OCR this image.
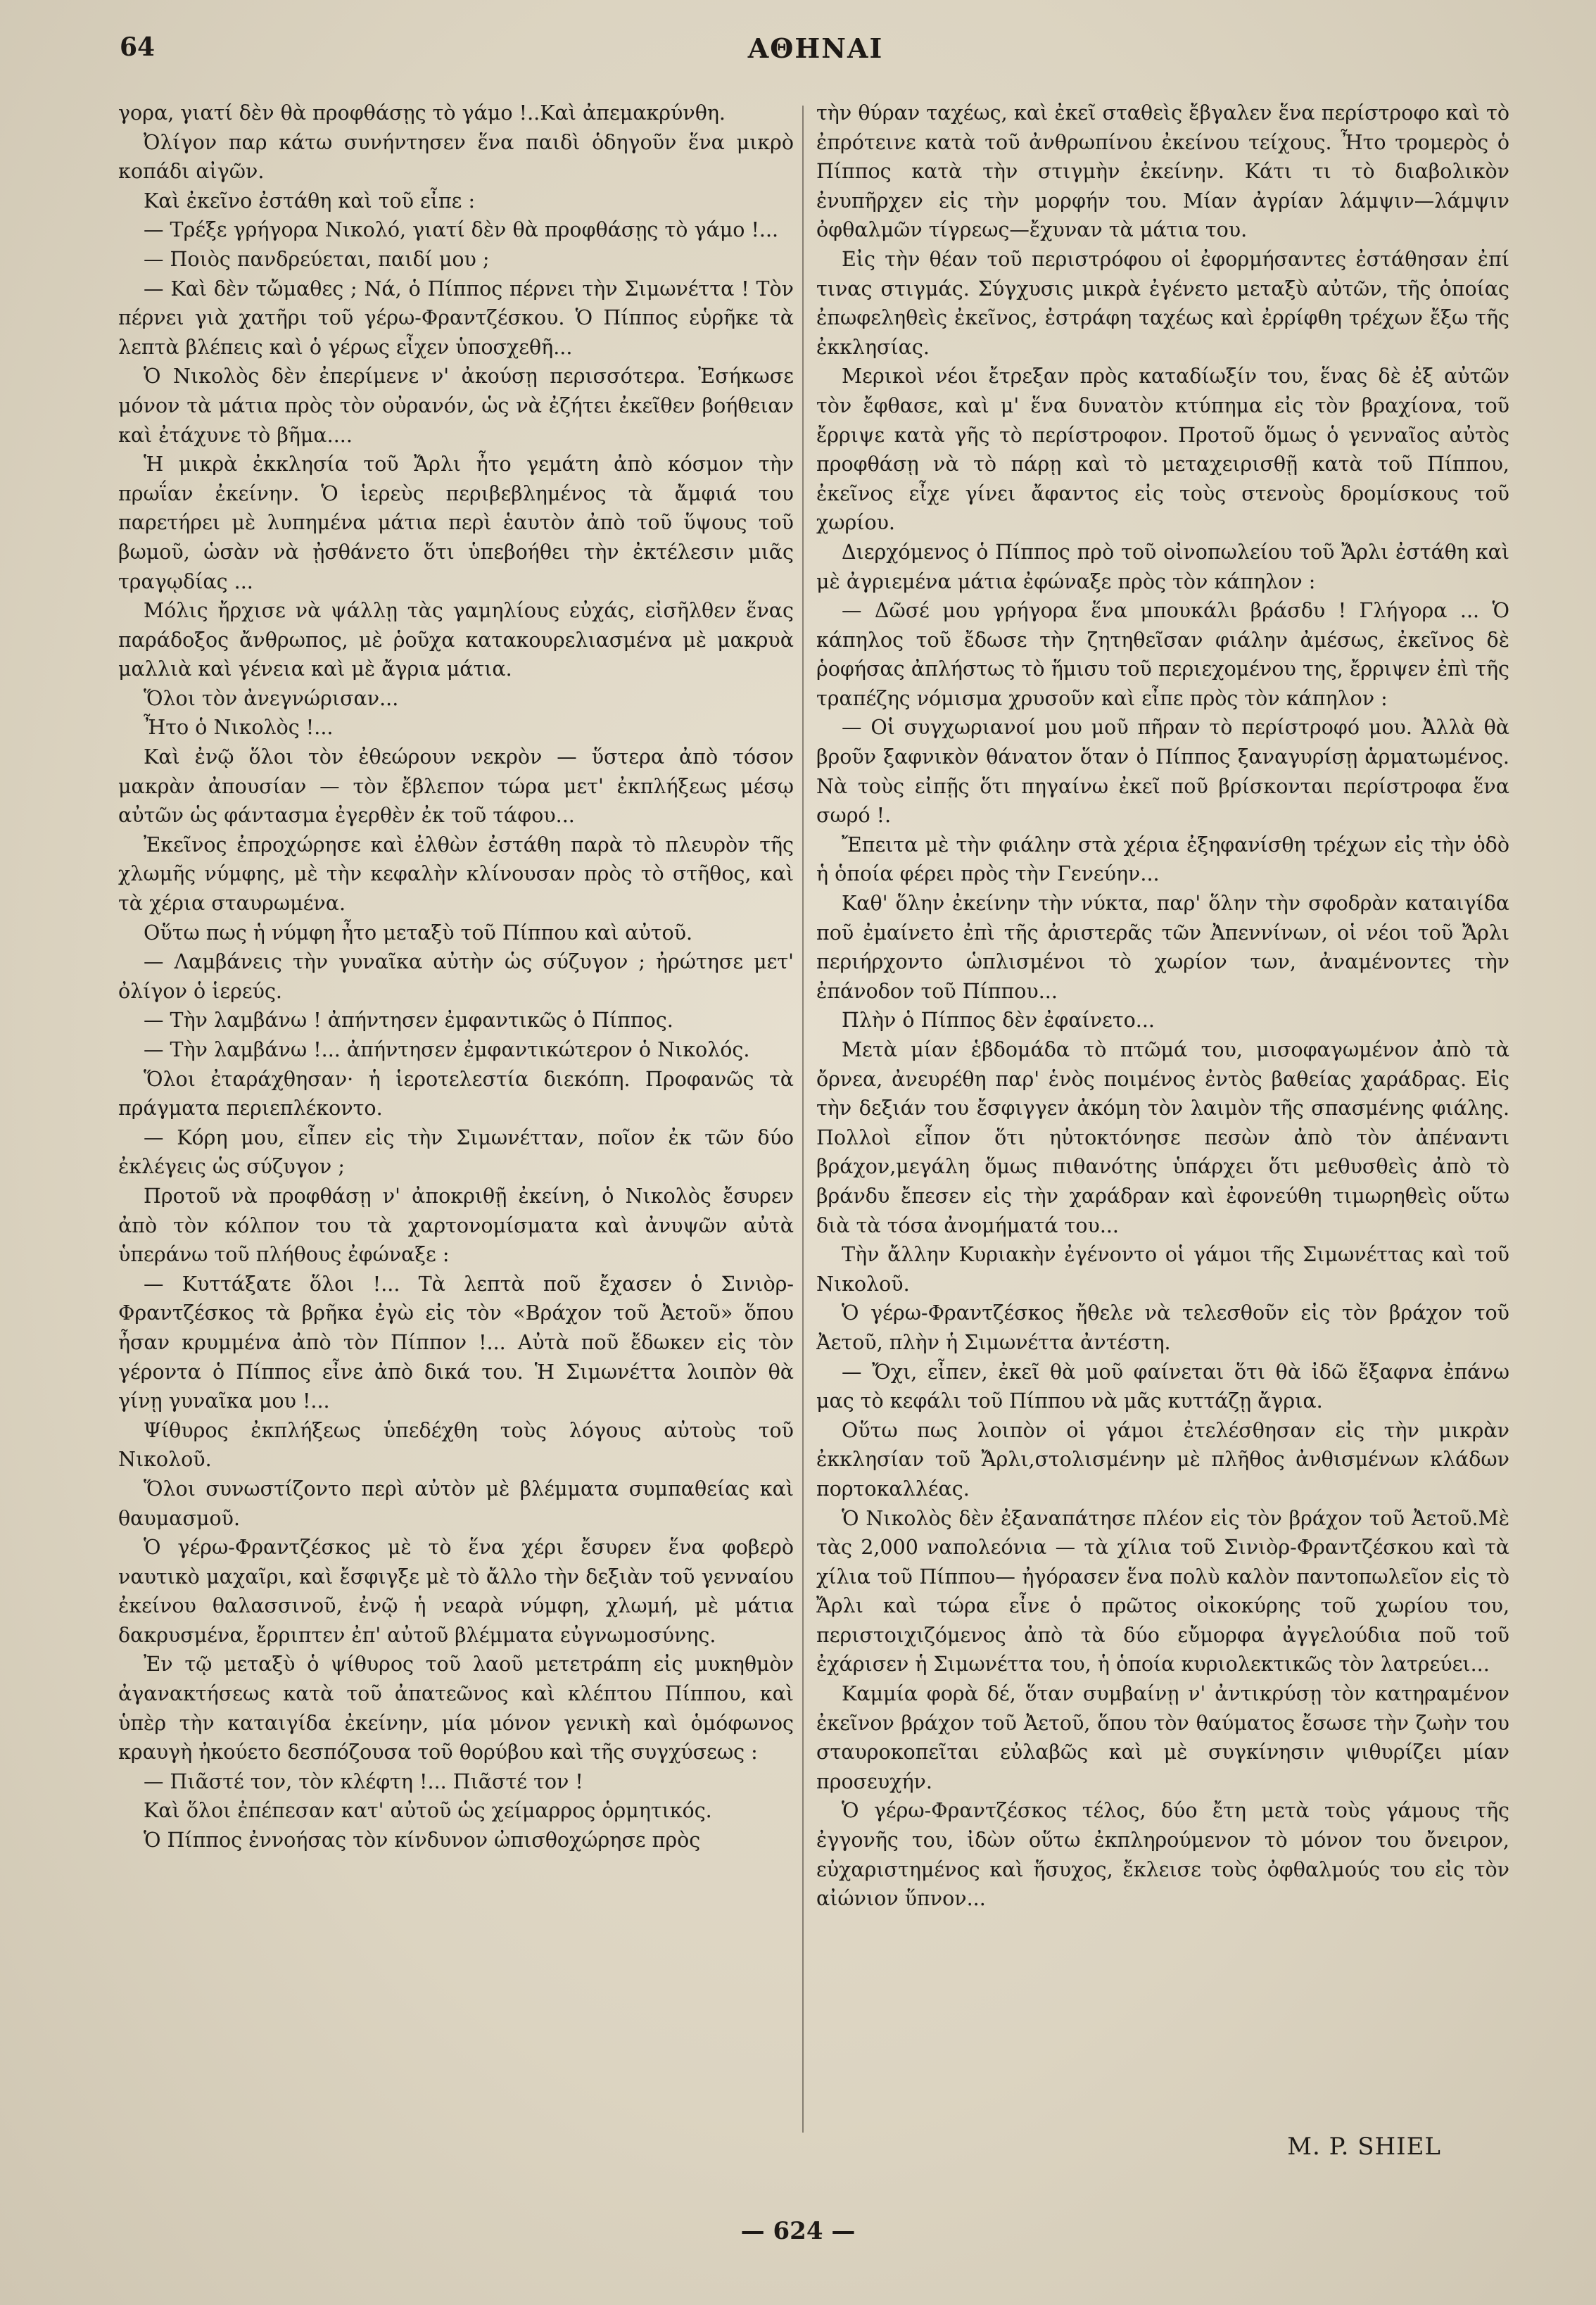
64	ΑΘΗΝΑΙ

γορα, γιατί δὲν θὰ προφθάσῃς τὸ γάμο !..Καὶ ἀπεμακρύνθη.

Ὀλίγον παρ κάτω συνήντησεν ἕνα παιδὶ ὁδηγοῦν ἕνα μικρὸ κοπάδι αἰγῶν.

Καὶ ἐκεῖνο ἐστάθη καὶ τοῦ εἶπε :

— Τρέξε γρήγορα Νικολό, γιατί δὲν θὰ προφθάσῃς τὸ γάμο !...

— Ποιὸς πανδρεύεται, παιδί μου ;

— Καὶ δὲν τὤμαθες ; Νά, ὁ Πίππος πέρνει τὴν Σιμωνέττα ! Τὸν πέρνει γιὰ χατῆρι τοῦ γέρω-Φραντζέσκου. Ὁ Πίππος εὑρῆκε τὰ λεπτὰ βλέπεις καὶ ὁ γέρως εἶχεν ὑποσχεθῆ...

Ὁ Νικολὸς δὲν ἐπερίμενε ν' ἀκούσῃ περισσότερα. Ἐσήκωσε μόνον τὰ μάτια πρὸς τὸν οὐρανόν, ὡς νὰ ἐζήτει ἐκεῖθεν βοήθειαν καὶ ἐτάχυνε τὸ βῆμα....

Ἡ μικρὰ ἐκκλησία τοῦ Ἄρλι ἦτο γεμάτη ἀπὸ κόσμον τὴν πρωΐαν ἐκείνην. Ὁ ἱερεὺς περιβεβλημένος τὰ ἄμφιά του παρετήρει μὲ λυπημένα μάτια περὶ ἑαυτὸν ἀπὸ τοῦ ὕψους τοῦ βωμοῦ, ὡσὰν νὰ ᾐσθάνετο ὅτι ὑπεβοήθει τὴν ἐκτέλεσιν μιᾶς τραγῳδίας ...

Μόλις ἤρχισε νὰ ψάλλῃ τὰς γαμηλίους εὐχάς, εἰσῆλθεν ἕνας παράδοξος ἄνθρωπος, μὲ ῥοῦχα κατακουρελιασμένα μὲ μακρυὰ μαλλιὰ καὶ γένεια καὶ μὲ ἄγρια μάτια.

Ὅλοι τὸν ἀνεγνώρισαν...

Ἦτο ὁ Νικολὸς !...

Καὶ ἐνῷ ὅλοι τὸν ἐθεώρουν νεκρὸν — ὕστερα ἀπὸ τόσον μακρὰν ἀπουσίαν — τὸν ἔβλεπον τώρα μετ' ἐκπλήξεως μέσῳ αὐτῶν ὡς φάντασμα ἐγερθὲν ἐκ τοῦ τάφου...

Ἐκεῖνος ἐπροχώρησε καὶ ἐλθὼν ἐστάθη παρὰ τὸ πλευρὸν τῆς χλωμῆς νύμφης, μὲ τὴν κεφαλὴν κλίνουσαν πρὸς τὸ στῆθος, καὶ τὰ χέρια σταυρωμένα.

Οὕτω πως ἡ νύμφη ἦτο μεταξὺ τοῦ Πίππου καὶ αὐτοῦ.

— Λαμβάνεις τὴν γυναῖκα αὐτὴν ὡς σύζυγον ; ἠρώτησε μετ' ὀλίγον ὁ ἱερεύς.

— Τὴν λαμβάνω ! ἀπήντησεν ἐμφαντικῶς ὁ Πίππος.

— Τὴν λαμβάνω !... ἀπήντησεν ἐμφαντικώτερον ὁ Νικολός.

Ὅλοι ἐταράχθησαν· ἡ ἱεροτελεστία διεκόπη. Προφανῶς τὰ πράγματα περιεπλέκοντο.

— Κόρη μου, εἶπεν εἰς τὴν Σιμωνέτταν, ποῖον ἐκ τῶν δύο ἐκλέγεις ὡς σύζυγον ;

Προτοῦ νὰ προφθάσῃ ν' ἀποκριθῇ ἐκείνη, ὁ Νικολὸς ἔσυρεν ἀπὸ τὸν κόλπον του τὰ χαρτονομίσματα καὶ ἀνυψῶν αὐτὰ ὑπεράνω τοῦ πλήθους ἐφώναξε :

— Κυττάξατε ὅλοι !... Τὰ λεπτὰ ποῦ ἔχασεν ὁ Σινιὸρ-Φραντζέσκος τὰ βρῆκα ἐγὼ εἰς τὸν «Βράχον τοῦ Ἀετοῦ» ὅπου ἦσαν κρυμμένα ἀπὸ τὸν Πίππον !... Αὐτὰ ποῦ ἔδωκεν εἰς τὸν γέροντα ὁ Πίππος εἶνε ἀπὸ δικά του. Ἡ Σιμωνέττα λοιπὸν θὰ γίνῃ γυναῖκα μου !...

Ψίθυρος ἐκπλήξεως ὑπεδέχθη τοὺς λόγους αὐτοὺς τοῦ Νικολοῦ.

Ὅλοι συνωστίζοντο περὶ αὐτὸν μὲ βλέμματα συμπαθείας καὶ θαυμασμοῦ.

Ὁ γέρω-Φραντζέσκος μὲ τὸ ἕνα χέρι ἔσυρεν ἕνα φοβερὸ ναυτικὸ μαχαῖρι, καὶ ἔσφιγξε μὲ τὸ ἄλλο τὴν δεξιὰν τοῦ γενναίου ἐκείνου θαλασσινοῦ, ἐνῷ ἡ νεαρὰ νύμφη, χλωμή, μὲ μάτια δακρυσμένα, ἔρριπτεν ἐπ' αὐτοῦ βλέμματα εὐγνωμοσύνης.

Ἐν τῷ μεταξὺ ὁ ψίθυρος τοῦ λαοῦ μετετράπη εἰς μυκηθμὸν ἀγανακτήσεως κατὰ τοῦ ἀπατεῶνος καὶ κλέπτου Πίππου, καὶ ὑπὲρ τὴν καταιγίδα ἐκείνην, μία μόνον γενικὴ καὶ ὁμόφωνος κραυγὴ ἠκούετο δεσπόζουσα τοῦ θορύβου καὶ τῆς συγχύσεως :

— Πιᾶστέ τον, τὸν κλέφτη !... Πιᾶστέ τον !

Καὶ ὅλοι ἐπέπεσαν κατ' αὐτοῦ ὡς χείμαρρος ὁρμητικός.

Ὁ Πίππος ἐννοήσας τὸν κίνδυνον ὠπισθοχώρησε πρὸς

τὴν θύραν ταχέως, καὶ ἐκεῖ σταθεὶς ἔβγαλεν ἕνα περίστροφο καὶ τὸ ἐπρότεινε κατὰ τοῦ ἀνθρωπίνου ἐκείνου τείχους. Ἦτο τρομερὸς ὁ Πίππος κατὰ τὴν στιγμὴν ἐκείνην. Κάτι τι τὸ διαβολικὸν ἐνυπῆρχεν εἰς τὴν μορφήν του. Μίαν ἀγρίαν λάμψιν—λάμψιν ὀφθαλμῶν τίγρεως—ἔχυναν τὰ μάτια του.

Εἰς τὴν θέαν τοῦ περιστρόφου οἱ ἐφορμήσαντες ἐστάθησαν ἐπί τινας στιγμάς. Σύγχυσις μικρὰ ἐγένετο μεταξὺ αὐτῶν, τῆς ὁποίας ἐπωφεληθεὶς ἐκεῖνος, ἐστράφη ταχέως καὶ ἐρρίφθη τρέχων ἔξω τῆς ἐκκλησίας.

Μερικοὶ νέοι ἔτρεξαν πρὸς καταδίωξίν του, ἕνας δὲ ἐξ αὐτῶν τὸν ἔφθασε, καὶ μ' ἕνα δυνατὸν κτύπημα εἰς τὸν βραχίονα, τοῦ ἔρριψε κατὰ γῆς τὸ περίστροφον. Προτοῦ ὅμως ὁ γενναῖος αὐτὸς προφθάσῃ νὰ τὸ πάρῃ καὶ τὸ μεταχειρισθῇ κατὰ τοῦ Πίππου, ἐκεῖνος εἶχε γίνει ἄφαντος εἰς τοὺς στενοὺς δρομίσκους τοῦ χωρίου.

Διερχόμενος ὁ Πίππος πρὸ τοῦ οἰνοπωλείου τοῦ Ἄρλι ἐστάθη καὶ μὲ ἀγριεμένα μάτια ἐφώναξε πρὸς τὸν κάπηλον :

— Δῶσέ μου γρήγορα ἕνα μπουκάλι βράσδυ ! Γλήγορα ... Ὁ κάπηλος τοῦ ἔδωσε τὴν ζητηθεῖσαν φιάλην ἀμέσως, ἐκεῖνος δὲ ῥοφήσας ἀπλήστως τὸ ἥμισυ τοῦ περιεχομένου της, ἔρριψεν ἐπὶ τῆς τραπέζης νόμισμα χρυσοῦν καὶ εἶπε πρὸς τὸν κάπηλον :

— Οἱ συγχωριανοί μου μοῦ πῆραν τὸ περίστροφό μου. Ἀλλὰ θὰ βροῦν ξαφνικὸν θάνατον ὅταν ὁ Πίππος ξαναγυρίσῃ ἁρματωμένος. Νὰ τοὺς εἰπῇς ὅτι πηγαίνω ἐκεῖ ποῦ βρίσκονται περίστροφα ἕνα σωρό !.

Ἔπειτα μὲ τὴν φιάλην στὰ χέρια ἐξηφανίσθη τρέχων εἰς τὴν ὁδὸ ἡ ὁποία φέρει πρὸς τὴν Γενεύην...

Καθ' ὅλην ἐκείνην τὴν νύκτα, παρ' ὅλην τὴν σφοδρὰν καταιγίδα ποῦ ἐμαίνετο ἐπὶ τῆς ἀριστερᾶς τῶν Ἀπεννίνων, οἱ νέοι τοῦ Ἄρλι περιήρχοντο ὡπλισμένοι τὸ χωρίον των, ἀναμένοντες τὴν ἐπάνοδον τοῦ Πίππου...

Πλὴν ὁ Πίππος δὲν ἐφαίνετο...

Μετὰ μίαν ἑβδομάδα τὸ πτῶμά του, μισοφαγωμένον ἀπὸ τὰ ὄρνεα, ἀνευρέθη παρ' ἑνὸς ποιμένος ἐντὸς βαθείας χαράδρας. Εἰς τὴν δεξιάν του ἔσφιγγεν ἀκόμη τὸν λαιμὸν τῆς σπασμένης φιάλης. Πολλοὶ εἶπον ὅτι ηὐτοκτόνησε πεσὼν ἀπὸ τὸν ἀπέναντι βράχον,μεγάλη ὅμως πιθανότης ὑπάρχει ὅτι μεθυσθεὶς ἀπὸ τὸ βράνδυ ἔπεσεν εἰς τὴν χαράδραν καὶ ἐφονεύθη τιμωρηθεὶς οὕτω διὰ τὰ τόσα ἀνομήματά του...

Τὴν ἄλλην Κυριακὴν ἐγένοντο οἱ γάμοι τῆς Σιμωνέττας καὶ τοῦ Νικολοῦ.

Ὁ γέρω-Φραντζέσκος ἤθελε νὰ τελεσθοῦν εἰς τὸν βράχον τοῦ Ἀετοῦ, πλὴν ἡ Σιμωνέττα ἀντέστη.

— Ὄχι, εἶπεν, ἐκεῖ θὰ μοῦ φαίνεται ὅτι θὰ ἰδῶ ἔξαφνα ἐπάνω μας τὸ κεφάλι τοῦ Πίππου νὰ μᾶς κυττάζῃ ἄγρια.

Οὕτω πως λοιπὸν οἱ γάμοι ἐτελέσθησαν εἰς τὴν μικρὰν ἐκκλησίαν τοῦ Ἄρλι,στολισμένην μὲ πλῆθος ἀνθισμένων κλάδων πορτοκαλλέας.

Ὁ Νικολὸς δὲν ἐξαναπάτησε πλέον εἰς τὸν βράχον τοῦ Ἀετοῦ.Μὲ τὰς 2,000 ναπολεόνια — τὰ χίλια τοῦ Σινιὸρ-Φραντζέσκου καὶ τὰ χίλια τοῦ Πίππου— ἠγόρασεν ἕνα πολὺ καλὸν παντοπωλεῖον εἰς τὸ Ἄρλι καὶ τώρα εἶνε ὁ πρῶτος οἰκοκύρης τοῦ χωρίου του, περιστοιχιζόμενος ἀπὸ τὰ δύο εὔμορφα ἀγγελούδια ποῦ τοῦ ἐχάρισεν ἡ Σιμωνέττα του, ἡ ὁποία κυριολεκτικῶς τὸν λατρεύει...

Καμμία φορὰ δέ, ὅταν συμβαίνῃ ν' ἀντικρύσῃ τὸν κατηραμένον ἐκεῖνον βράχον τοῦ Ἀετοῦ, ὅπου τὸν θαύματος ἔσωσε τὴν ζωὴν του σταυροκοπεῖται εὐλαβῶς καὶ μὲ συγκίνησιν ψιθυρίζει μίαν προσευχήν.

Ὁ γέρω-Φραντζέσκος τέλος, δύο ἔτη μετὰ τοὺς γάμους τῆς ἐγγονῆς του, ἰδὼν οὕτω ἐκπληρούμενον τὸ μόνον του ὄνειρον, εὐχαριστημένος καὶ ἥσυχος, ἔκλεισε τοὺς ὀφθαλμούς του εἰς τὸν αἰώνιον ὕπνον...

M. P. SHIEL
— 624 —
